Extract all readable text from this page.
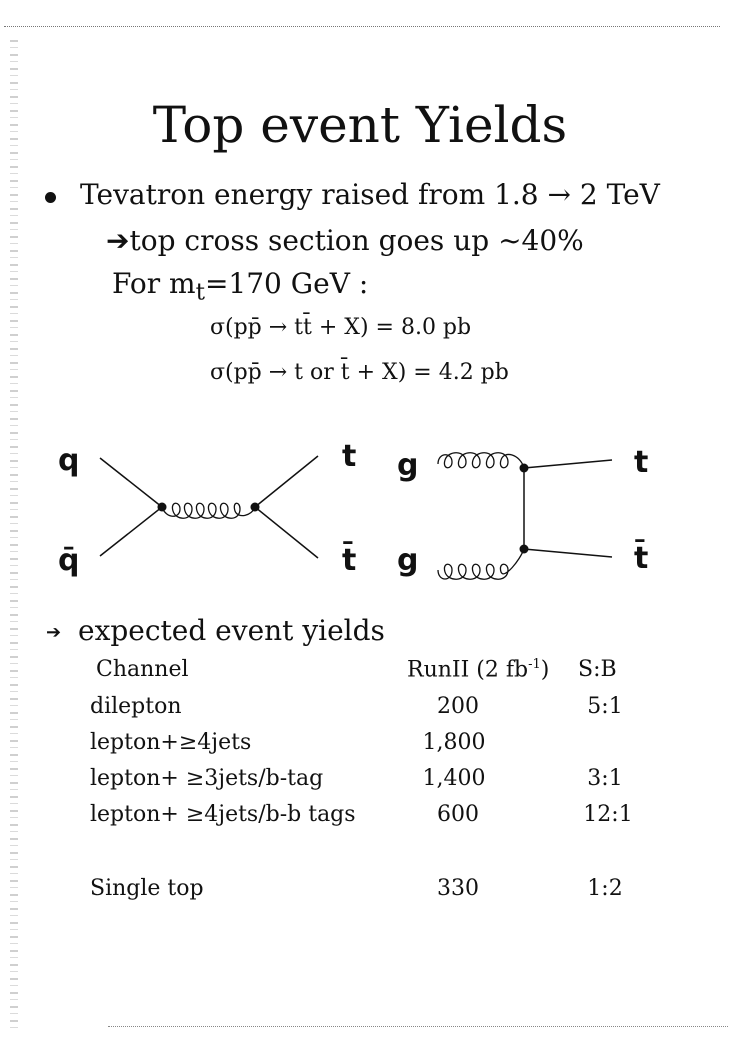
Top event Yields
Tevatron energy raised from 1.8 → 2 TeV
➔top cross section goes up ~40%
For $m_t=170$ GeV :
σ(pp̄ → tt̄ + X) = 8.0 pb
σ(pp̄ → t or t̄ + X) = 4.2 pb
q
q̄
t
t̄
g
g
t
t̄
➔ expected event yields
Channel	RunII (2 $fb^{-1}$) S:B
dilepton	200	5:1
lepton+≥4jets	1,800
lepton+ ≥3jets/b-tag	1,400	3:1
lepton+ ≥4jets/b-b tags	600	12:1
Single top	330	1:2
